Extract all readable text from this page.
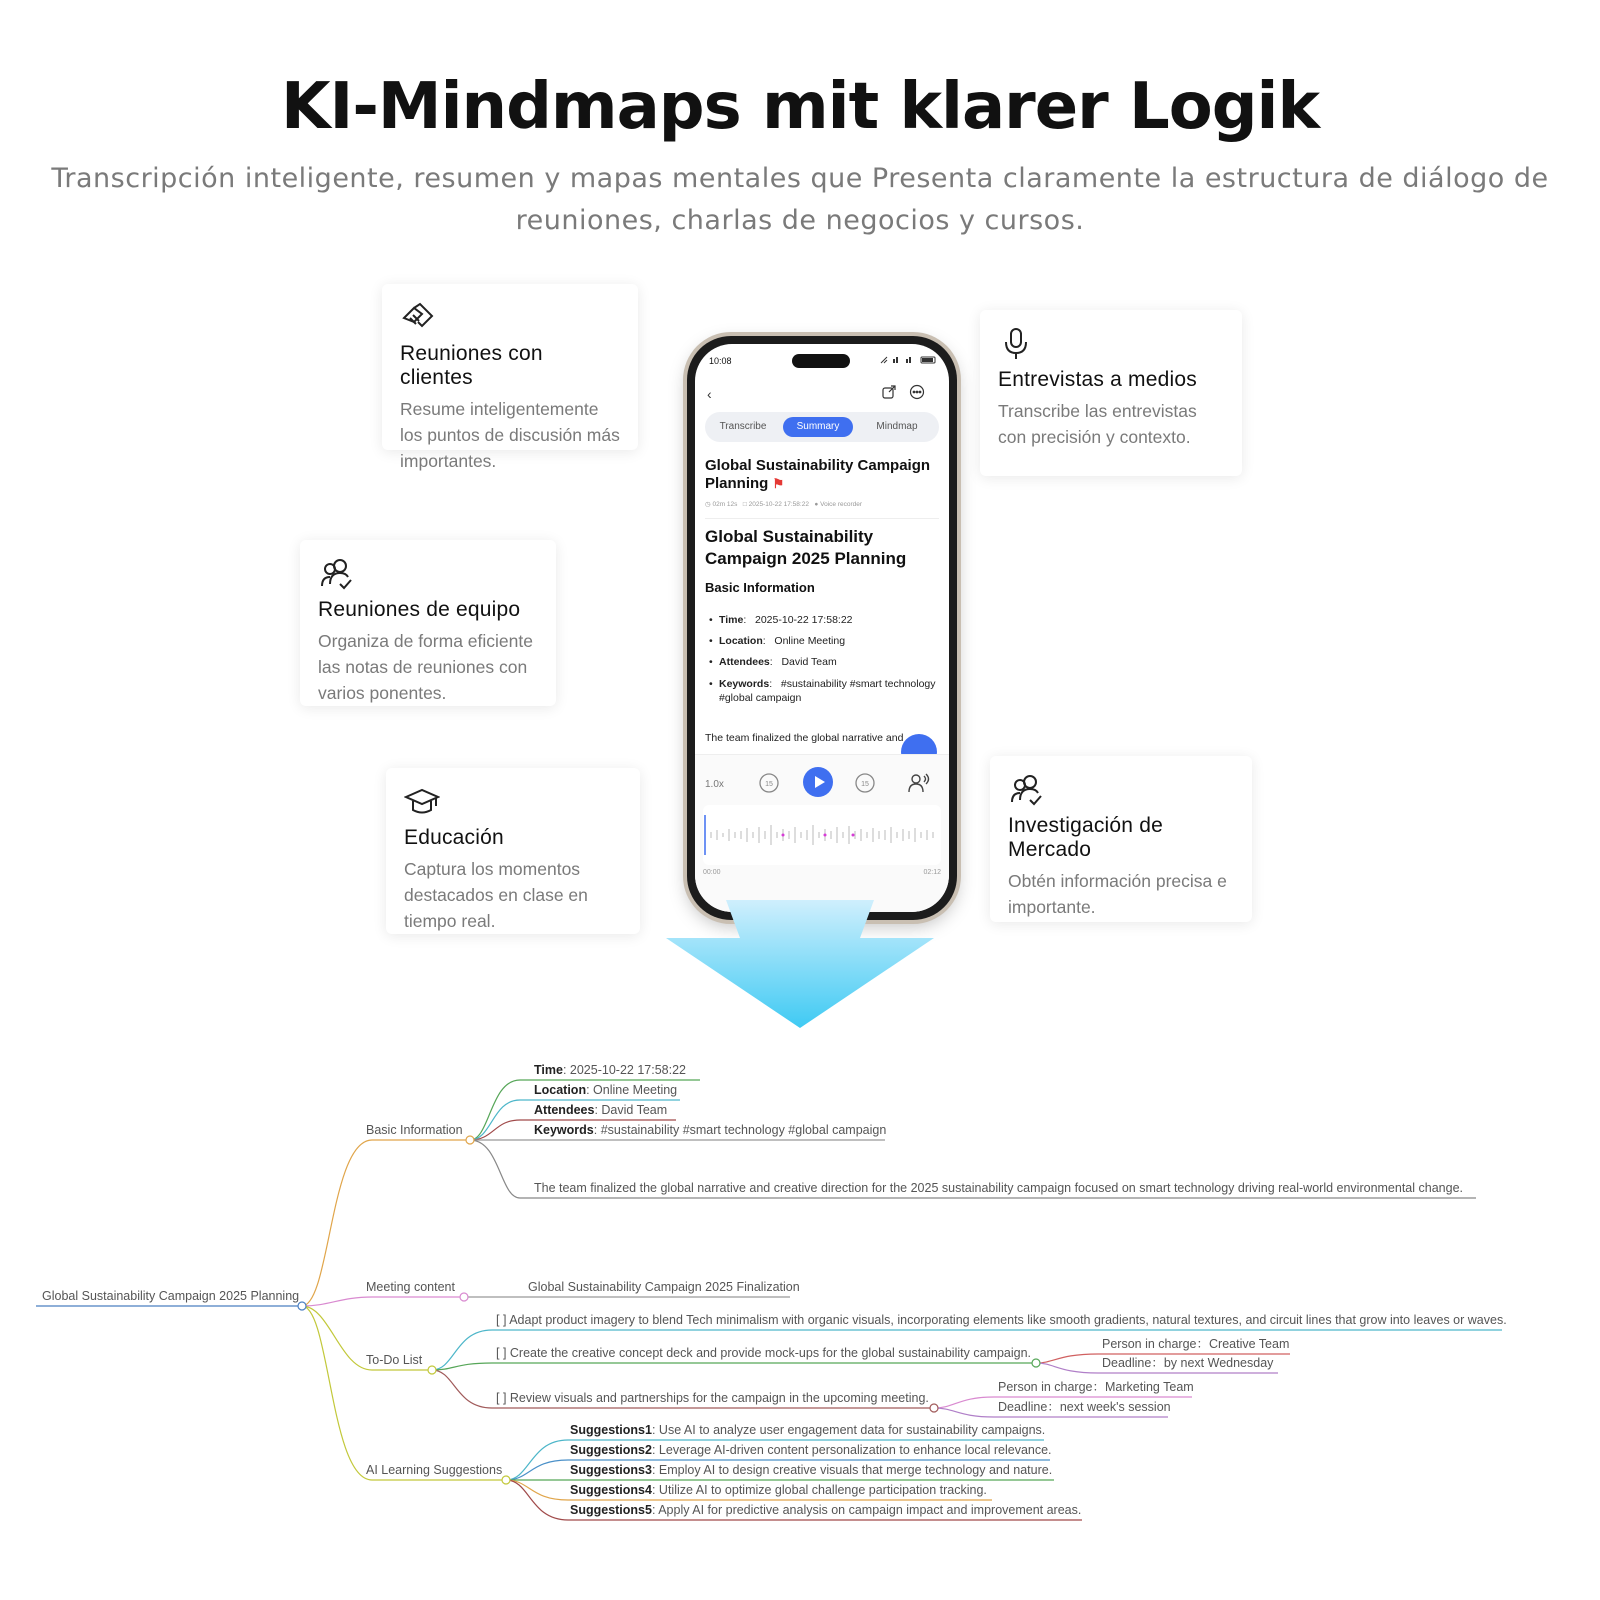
KI-Mindmaps mit klarer Logik
Transcripción inteligente, resumen y mapas mentales que Presenta claramente la estructura de diálogo de reuniones, charlas de negocios y cursos.
Reuniones con clientes

Resume inteligentemente los puntos de discusión más importantes.

Entrevistas a medios

Transcribe las entrevistas con precisión y contexto.

Reuniones de equipo

Organiza de forma eficiente las notas de reuniones con varios ponentes.

Educación

Captura los momentos destacados en clase en tiempo real.

Investigación de Mercado

Obtén información precisa e importante.

10:08
‹
Transcribe	Summary	Mindmap
Global Sustainability Campaign Planning ⚑
◷ 02m 12s □ 2025-10-22 17:58:22 ● Voice recorder
Global Sustainability Campaign 2025 Planning
Basic Information
• Time:   2025-10-22 17:58:22
• Location:   Online Meeting
• Attendees:   David Team
• Keywords:   #sustainability #smart technology #global campaign
The team finalized the global narrative and
1.0x	15	15
00:00	02:12
Global Sustainability Campaign 2025 Planning
Basic Information
Time: 2025-10-22 17:58:22
Location: Online Meeting
Attendees: David Team
Keywords: #sustainability #smart technology #global campaign
The team finalized the global narrative and creative direction for the 2025 sustainability campaign focused on smart technology driving real-world environmental change.
Meeting content	Global Sustainability Campaign 2025 Finalization
To-Do List
[ ] Adapt product imagery to blend Tech minimalism with organic visuals, incorporating elements like smooth gradients, natural textures, and circuit lines that grow into leaves or waves.
[ ] Create the creative concept deck and provide mock-ups for the global sustainability campaign.
Person in charge：Creative Team
Deadline：by next Wednesday
[ ] Review visuals and partnerships for the campaign in the upcoming meeting.
Person in charge：Marketing Team
Deadline：next week's session
AI Learning Suggestions
Suggestions1: Use AI to analyze user engagement data for sustainability campaigns.
Suggestions2: Leverage AI-driven content personalization to enhance local relevance.
Suggestions3: Employ AI to design creative visuals that merge technology and nature.
Suggestions4: Utilize AI to optimize global challenge participation tracking.
Suggestions5: Apply AI for predictive analysis on campaign impact and improvement areas.
